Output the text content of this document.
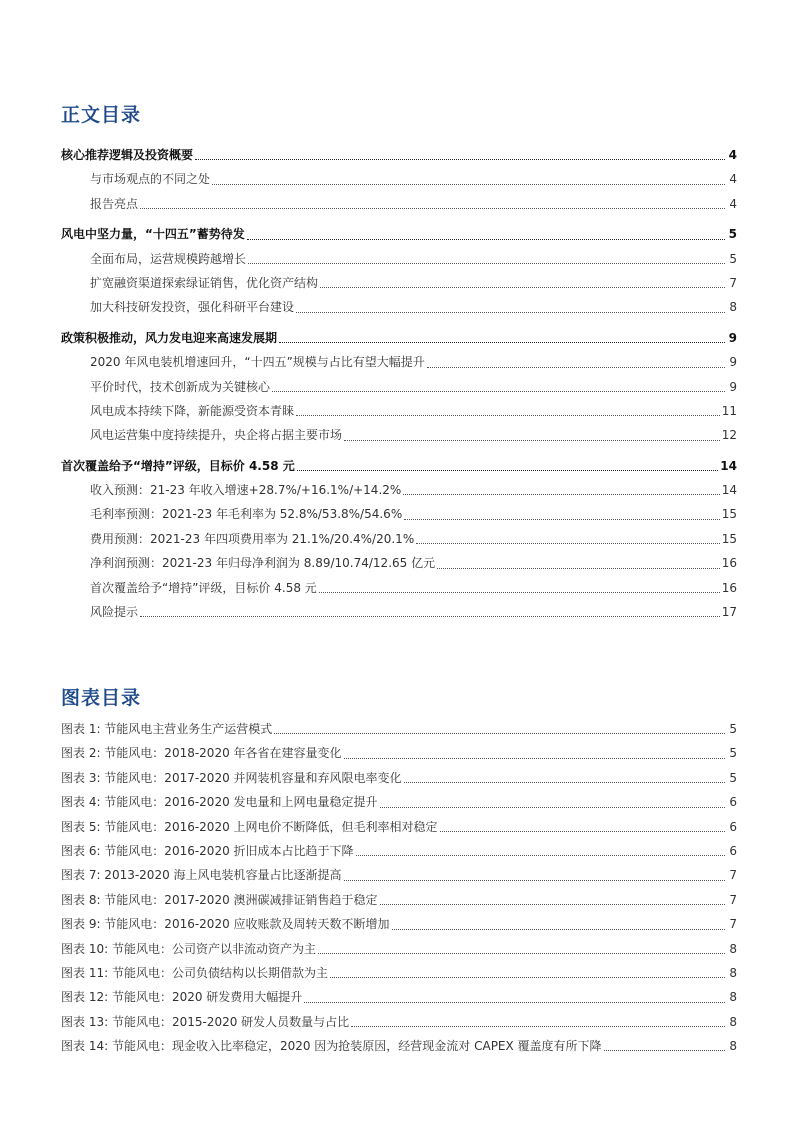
正文目录
核心推荐逻辑及投资概要	4
与市场观点的不同之处	4
报告亮点	4
风电中坚力量，“十四五”蓄势待发	5
全面布局，运营规模跨越增长	5
扩宽融资渠道探索绿证销售，优化资产结构	7
加大科技研发投资，强化科研平台建设	8
政策积极推动，风力发电迎来高速发展期	9
2020 年风电装机增速回升，“十四五”规模与占比有望大幅提升	9
平价时代，技术创新成为关键核心	9
风电成本持续下降，新能源受资本青睐	11
风电运营集中度持续提升，央企将占据主要市场	12
首次覆盖给予“增持”评级，目标价 4.58 元	14
收入预测：21-23 年收入增速+28.7%/+16.1%/+14.2%	14
毛利率预测：2021-23 年毛利率为 52.8%/53.8%/54.6%	15
费用预测：2021-23 年四项费用率为 21.1%/20.4%/20.1%	15
净利润预测：2021-23 年归母净利润为 8.89/10.74/12.65 亿元	16
首次覆盖给予“增持”评级，目标价 4.58 元	16
风险提示	17
图表目录
图表 1: 节能风电主营业务生产运营模式	5
图表 2: 节能风电：2018-2020 年各省在建容量变化	5
图表 3: 节能风电：2017-2020 并网装机容量和弃风限电率变化	5
图表 4: 节能风电：2016-2020 发电量和上网电量稳定提升	6
图表 5: 节能风电：2016-2020 上网电价不断降低，但毛利率相对稳定	6
图表 6: 节能风电：2016-2020 折旧成本占比趋于下降	6
图表 7: 2013-2020 海上风电装机容量占比逐渐提高	7
图表 8: 节能风电：2017-2020 澳洲碳减排证销售趋于稳定	7
图表 9: 节能风电：2016-2020 应收账款及周转天数不断增加	7
图表 10: 节能风电：公司资产以非流动资产为主	8
图表 11: 节能风电：公司负债结构以长期借款为主	8
图表 12: 节能风电：2020 研发费用大幅提升	8
图表 13: 节能风电：2015-2020 研发人员数量与占比	8
图表 14: 节能风电：现金收入比率稳定，2020 因为抢装原因，经营现金流对 CAPEX 覆盖度有所下降	8
